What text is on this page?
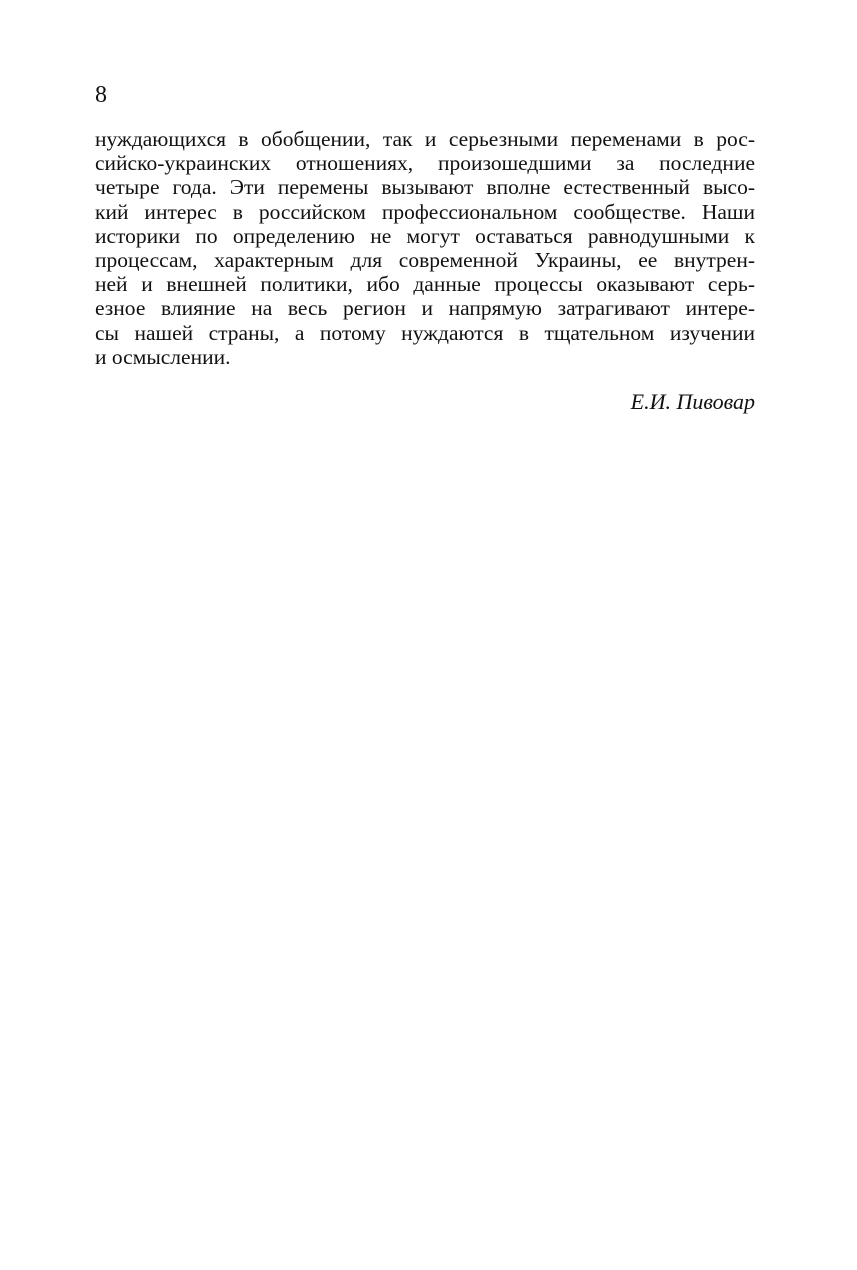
8
нуждающихся в обобщении, так и серьезными переменами в рос-
сийско-украинских отношениях, произошедшими за последние
четыре года. Эти перемены вызывают вполне естественный высо-
кий интерес в российском профессиональном сообществе. Наши
историки по определению не могут оставаться равнодушными к
процессам, характерным для современной Украины, ее внутрен-
ней и внешней политики, ибо данные процессы оказывают серь-
езное влияние на весь регион и напрямую затрагивают интере-
сы нашей страны, а потому нуждаются в тщательном изучении
и осмыслении.
Е.И. Пивовар
